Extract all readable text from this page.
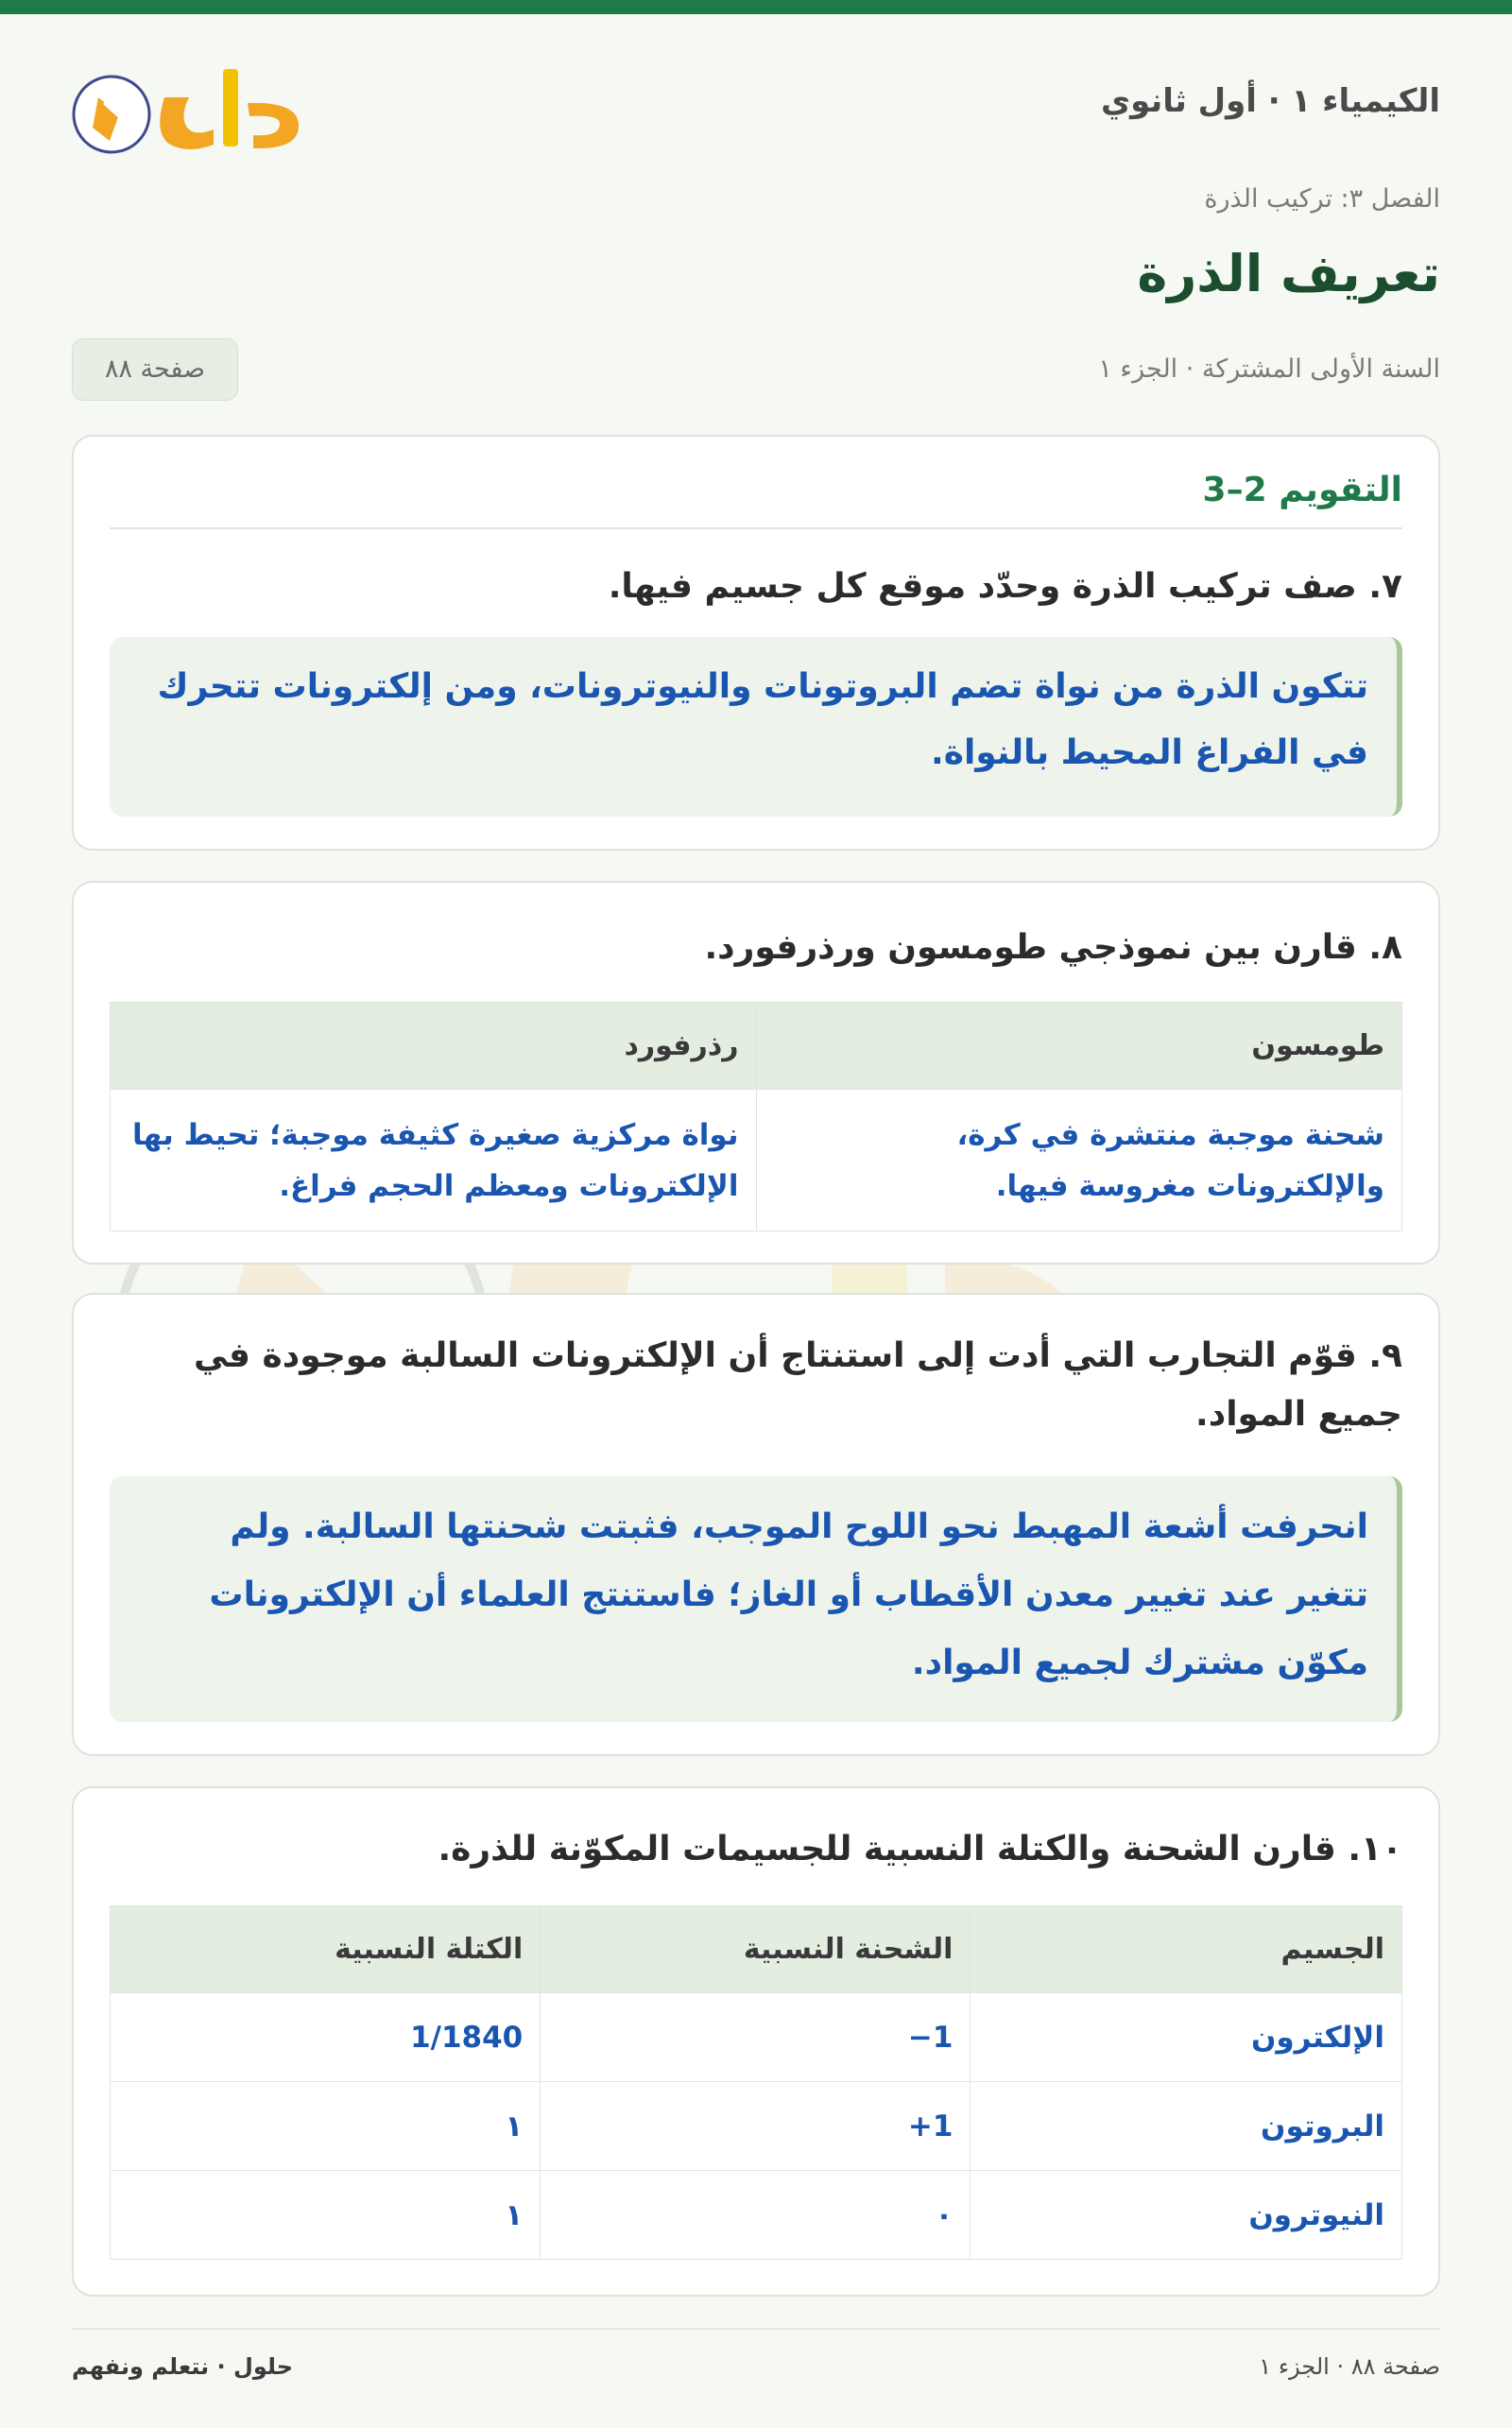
الكيمياء ١ · أول ثانوي
الفصل ٣: تركيب الذرة
تعريف الذرة
السنة الأولى المشتركة · الجزء ١
صفحة ٨٨
التقويم 2–3
٧. صف تركيب الذرة وحدّد موقع كل جسيم فيها.
تتكون الذرة من نواة تضم البروتونات والنيوترونات، ومن إلكترونات تتحرك في الفراغ المحيط بالنواة.
٨. قارن بين نموذجي طومسون ورذرفورد.
طومسون	رذرفورد
شحنة موجبة منتشرة في كرة، والإلكترونات مغروسة فيها.	نواة مركزية صغيرة كثيفة موجبة؛ تحيط بها الإلكترونات ومعظم الحجم فراغ.
٩. قوّم التجارب التي أدت إلى استنتاج أن الإلكترونات السالبة موجودة في جميع المواد.
انحرفت أشعة المهبط نحو اللوح الموجب، فثبتت شحنتها السالبة. ولم تتغير عند تغيير معدن الأقطاب أو الغاز؛ فاستنتج العلماء أن الإلكترونات مكوّن مشترك لجميع المواد.
١٠. قارن الشحنة والكتلة النسبية للجسيمات المكوّنة للذرة.
الجسيم	الشحنة النسبية	الكتلة النسبية
الإلكترون	1−	1/1840
البروتون	1+	١
النيوترون	٠	١
صفحة ٨٨ · الجزء ١
حلول · نتعلم ونفهم
